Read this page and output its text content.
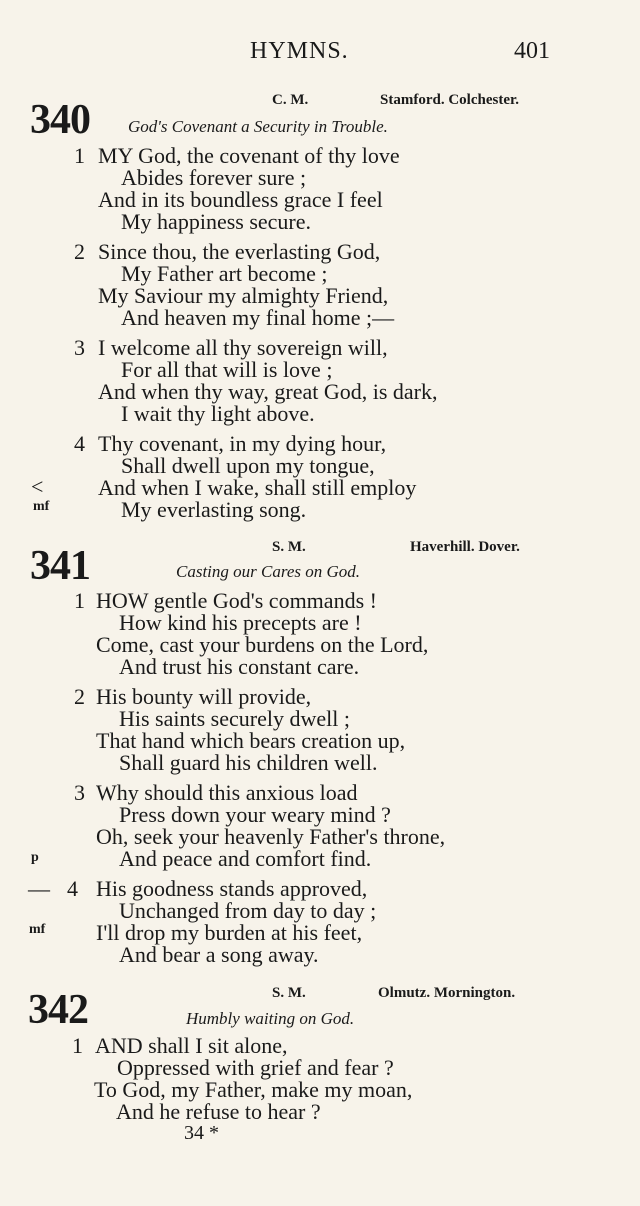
HYMNS.	401
C. M.	Stamford. Colchester.
340 God's Covenant a Security in Trouble.
1 MY God, the covenant of thy love
Abides forever sure ;
And in its boundless grace I feel
My happiness secure.
2 Since thou, the everlasting God,
My Father art become ;
My Saviour my almighty Friend,
And heaven my final home ;—
3 I welcome all thy sovereign will,
For all that will is love ;
And when thy way, great God, is dark,
I wait thy light above.
4 Thy covenant, in my dying hour,
Shall dwell upon my tongue,
< And when I wake, shall still employ
mf	My everlasting song.
S. M.	Haverhill. Dover.
341	Casting our Cares on God.
1 HOW gentle God's commands !
How kind his precepts are !
Come, cast your burdens on the Lord,
And trust his constant care.
2 His bounty will provide,
His saints securely dwell ;
That hand which bears creation up,
Shall guard his children well.
3 Why should this anxious load
Press down your weary mind ?
Oh, seek your heavenly Father's throne,
p	And peace and comfort find.
— 4 His goodness stands approved,
Unchanged from day to day ;
mf I'll drop my burden at his feet,
And bear a song away.
S. M.	Olmutz. Mornington.
342	Humbly waiting on God.
1 AND shall I sit alone,
Oppressed with grief and fear ?
To God, my Father, make my moan,
And he refuse to hear ?
34 *
